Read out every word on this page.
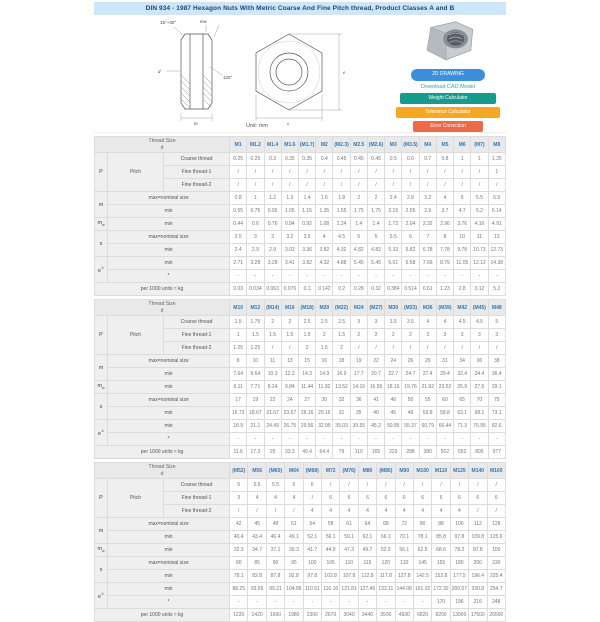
DIN 934 - 1987 Hexagon Nuts With Metric Coarse And Fine Pitch thread, Product Classes A and B
15°~30°	mw
d
120°
m
e
s
Unit: mm
2D DRAWING
Download CAD Model
Weight Calculator
Tolerance Calculator
Error Correction
Thread Size
d			M1	M1.2	M1.4	M1.6	(M1.7)	M2	(M2.3)	M2.5	(M2.6)	M3	(M3.5)	M4	M5	M6	(M7)	M8
P	Pitch	Coarse thread	0.25	0.25	0.3	0.35	0.35	0.4	0.45	0.45	0.45	0.5	0.6	0.7	0.8	1	1	1.25
		Fine thread-1	/	/	/	/	/	/	/	/	/	/	/	/	/	/	/	1
		Fine thread-2	/	/	/	/	/	/	/	/	/	/	/	/	/	/	/	/
m	max=nominal size		0.8	1	1.2	1.3	1.4	1.6	1.8	2	2	2.4	2.8	3.2	4	5	5.5	6.5
	min		0.55	0.75	0.95	1.05	1.15	1.35	1.55	1.75	1.75	2.15	2.55	2.9	3.7	4.7	5.2	6.14
$m_w$	min		0.44	0.6	0.76	0.84	0.92	1.08	1.24	1.4	1.4	1.72	2.04	2.32	2.96	3.76	4.16	4.91
s	max=nominal size		2.5	3	3	3.2	3.5	4	4.5	5	5	5.5	6	7	8	10	11	13
	min		2.4	2.9	2.9	3.02	3.36	3.82	4.32	4.82	4.82	5.32	5.82	6.78	7.78	9.78	10.73	12.73
e①	min		2.71	3.28	3.28	3.41	3.82	4.32	4.88	5.45	5.45	6.01	6.58	7.66	8.79	11.05	12.12	14.38
	*		-	-	-	-	-	-	-	-	-	-	-	-	-	-	-	-
per 1000 units ≈ kg			0.03	0.034	0.063	0.076	0.1	0.142	0.2	0.28	0.32	0.384	0.514	0.61	1.23	2.8	3.12	5.2
Thread Size
d			M10	M12	(M14)	M16	(M18)	M20	(M22)	M24	(M27)	M30	(M33)	M36	(M39)	M42	(M45)	M48
P	Pitch	Coarse thread	1.5	1.75	2	2	2.5	2.5	2.5	3	3	3.5	3.5	4	4	4.5	4.5	5
		Fine thread-1	1	1.5	1.5	1.5	1.5	2	1.5	2	2	2	2	3	3	3	3	3
		Fine thread-2	1.25	1.25	/	/	2	1.5	2	/	/	/	/	/	/	/	/	/
m	max=nominal size		8	10	11	13	15	16	18	19	22	24	26	29	31	34	36	38
	min		7.64	9.64	10.3	12.3	14.3	14.9	16.9	17.7	20.7	22.7	24.7	27.4	29.4	32.4	34.4	36.4
$m_w$	min		6.11	7.71	8.24	9.84	11.44	11.92	13.52	14.16	16.56	18.16	19.76	21.92	23.52	25.9	27.5	29.1
s	max=nominal size		17	19	22	24	27	30	32	36	41	46	50	55	60	65	70	75
	min		16.73	18.67	21.67	23.67	26.16	29.16	31	35	40	45	49	53.8	58.8	63.1	68.1	73.1
e①	min		18.9	21.1	24.49	26.75	29.56	32.95	35.03	39.55	45.2	50.85	55.37	60.79	66.44	71.3	76.95	82.6
	*		-	-	-	-	-	-	-	-	-	-	-	-	-	-	-	-
per 1000 units ≈ kg			11.6	17.3	25	33.3	49.4	64.4	79	110	165	223	288	380	502	652	805	977
Thread Size
d			(M52)	M56	(M60)	M64	(M68)	M72	(M76)	M80	(M85)	M90	M100	M110	M125	M140	M160
P	Pitch	Coarse thread	5	5.5	5.5	6	6	/	/	/	/	/	/	/	/	/	/
		Fine thread-1	3	4	4	4	/	6	6	6	6	6	6	6	6	6	6
		Fine thread-2	/	/	/	/	4	4	4	4	4	4	4	4	4	/	/
m	max=nominal size		42	45	48	51	54	58	61	64	68	72	80	88	100	112	128
	min		40.4	43.4	46.4	49.1	52.1	56.1	59.1	62.1	66.1	70.1	78.1	85.8	97.8	109.8	125.6
$m_w$	min		32.3	34.7	37.1	39.3	41.7	44.9	47.3	49.7	52.9	56.1	62.5	68.6	78.2	87.8	100
s	max=nominal size		80	85	90	95	100	105	110	115	120	130	145	155	180	200	230
	min		78.1	82.8	87.8	92.8	97.8	102.8	107.8	112.8	117.8	127.8	142.5	152.8	177.5	196.4	225.4
e①	min		88.25	93.56	99.21	104.86	110.51	116.16	121.81	127.46	133.11	144.08	161.02	172.32	200.57	220.8	254.7
	*		-	-	-	-	-	-	-	-	-	-	-	170	196	216	248
per 1000 units ≈ kg			1220	1420	1690	1980	2300	2670	3040	3440	3930	4930	6820	8200	13000	17500	26500
